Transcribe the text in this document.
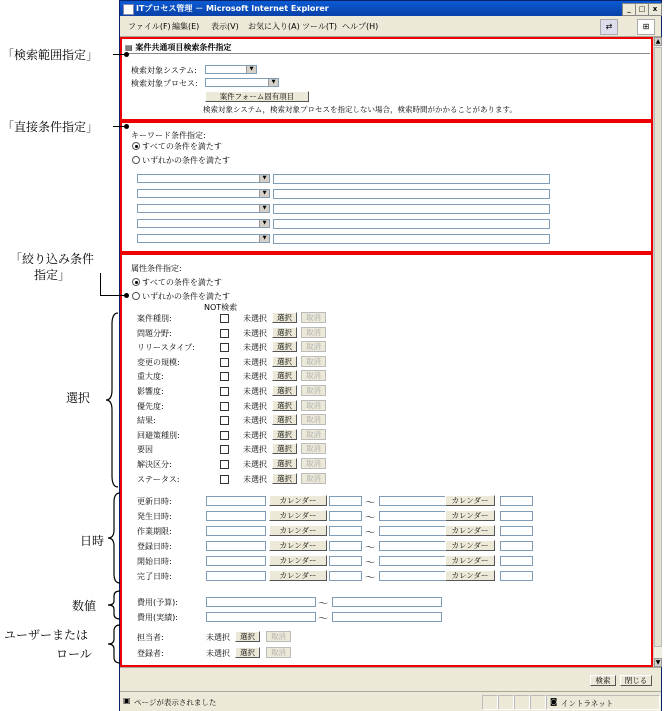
ITプロセス管理 － Microsoft Internet Explorer	_	□	x
ファイル(F) 編集(E) 表示(V) お気に入り(A) ツール(T) ヘルプ(H)	⇄	⊞
▤ 案件共通項目検索条件指定
検索対象システム:	▼
検索対象プロセス:	▼
案件フォーム固有項目
検索対象システム，検索対象プロセスを指定しない場合，検索時間がかかることがあります。
キーワード条件指定:
すべての条件を満たす
いずれかの条件を満たす
▼
▼
▼
▼
▼
属性条件指定:
すべての条件を満たす
いずれかの条件を満たす
NOT検索
案件種別:	未選択	選択	取消
問題分野:	未選択	選択	取消
リリースタイプ:	未選択	選択	取消
変更の規模:	未選択	選択	取消
重大度:	未選択	選択	取消
影響度:	未選択	選択	取消
優先度:	未選択	選択	取消
結果:	未選択	選択	取消
回避策種別:	未選択	選択	取消
要因	未選択	選択	取消
解決区分:	未選択	選択	取消
ステータス:	未選択	選択	取消
更新日時:	カレンダー	〜	カレンダー
発生日時:	カレンダー	〜	カレンダー
作業期限:	カレンダー	〜	カレンダー
登録日時:	カレンダー	〜	カレンダー
開始日時:	カレンダー	〜	カレンダー
完了日時:	カレンダー	〜	カレンダー
費用(予算):	〜
費用(実績):	〜
担当者:	未選択	選択	取消
登録者:	未選択	選択	取消
▲
▼
検索	閉じる
▣ ページが表示されました	◙ イントラネット
「検索範囲指定」
「直接条件指定」
「絞り込み条件
指定」
選択
日時
数値
ユーザーまたは
ロール
